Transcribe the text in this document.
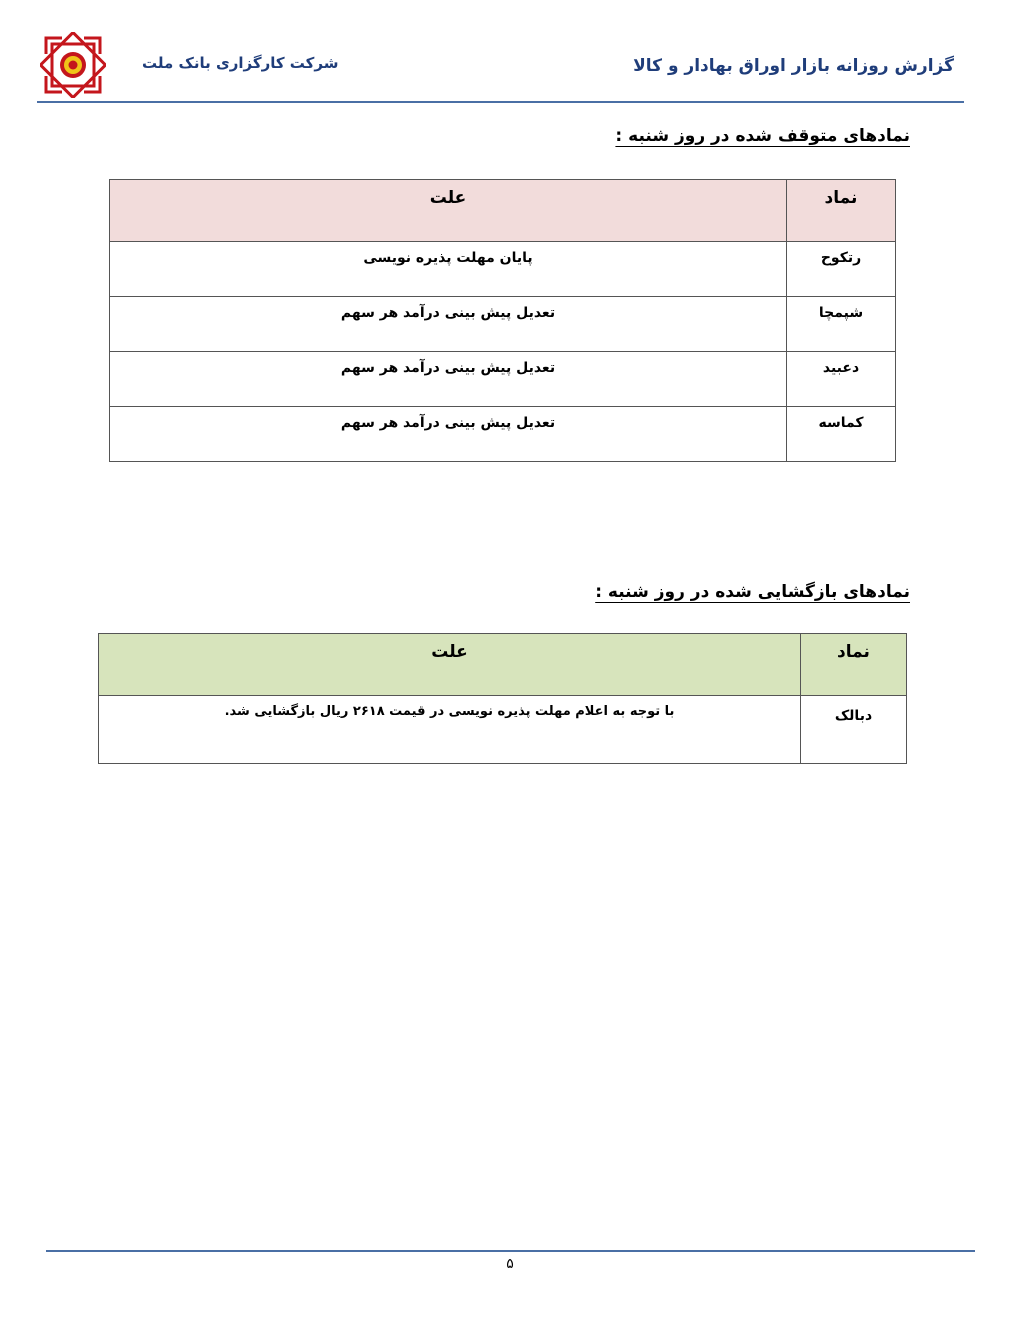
گزارش روزانه بازار اوراق بهادار و کالا
شرکت کارگزاری بانک ملت
نمادهای متوقف شده در روز شنبه :
نماد	علت
رتکوح	پایان مهلت پذیره نویسی
شپمچا	تعدیل پیش بینی درآمد هر سهم
دعبید	تعدیل پیش بینی درآمد هر سهم
کماسه	تعدیل پیش بینی درآمد هر سهم
نمادهای بازگشایی شده در روز شنبه :
نماد	علت
دبالک	با توجه به اعلام مهلت پذیره نویسی در قیمت ۲۶۱۸ ریال بازگشایی شد.
۵
